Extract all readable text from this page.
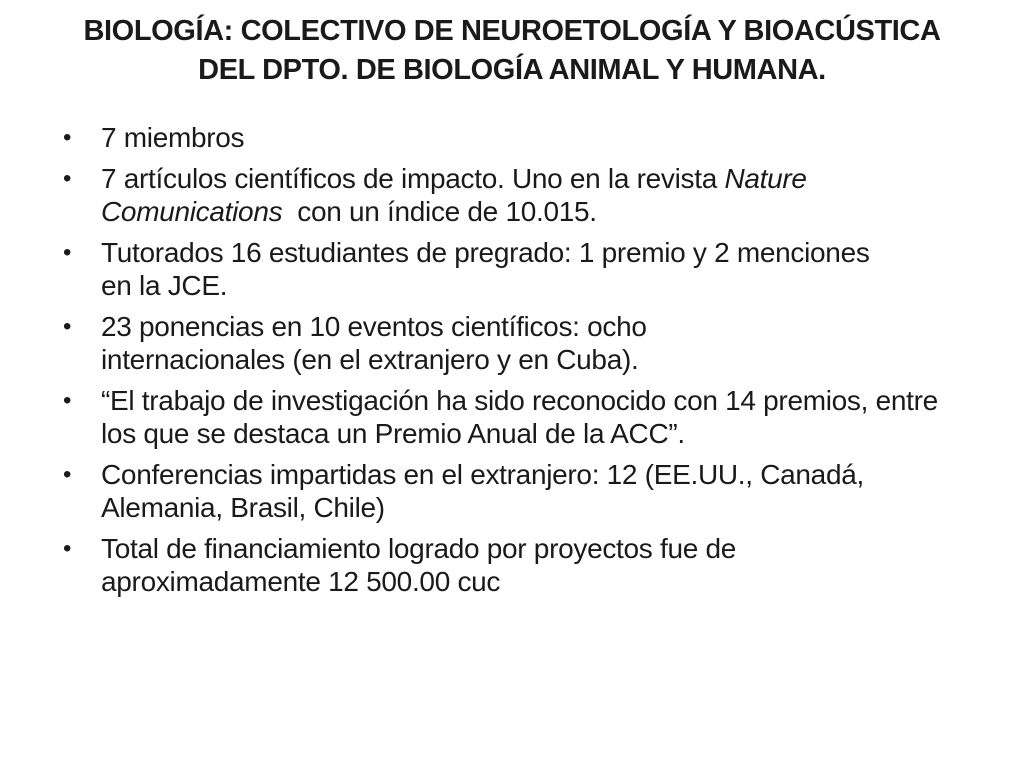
BIOLOGÍA: COLECTIVO DE NEUROETOLOGÍA Y BIOACÚSTICA
DEL DPTO. DE BIOLOGÍA ANIMAL Y HUMANA.
• 7 miembros
• 7 artículos científicos de impacto. Uno en la revista Nature Comunications  con un índice de 10.015.
• Tutorados 16 estudiantes de pregrado: 1 premio y 2 menciones en la JCE.
• 23 ponencias en 10 eventos científicos: ocho internacionales (en el extranjero y en Cuba).
• “El trabajo de investigación ha sido reconocido con 14 premios, entre los que se destaca un Premio Anual de la ACC”.
• Conferencias impartidas en el extranjero: 12 (EE.UU., Canadá, Alemania, Brasil, Chile)
• Total de financiamiento logrado por proyectos fue de aproximadamente 12 500.00 cuc
